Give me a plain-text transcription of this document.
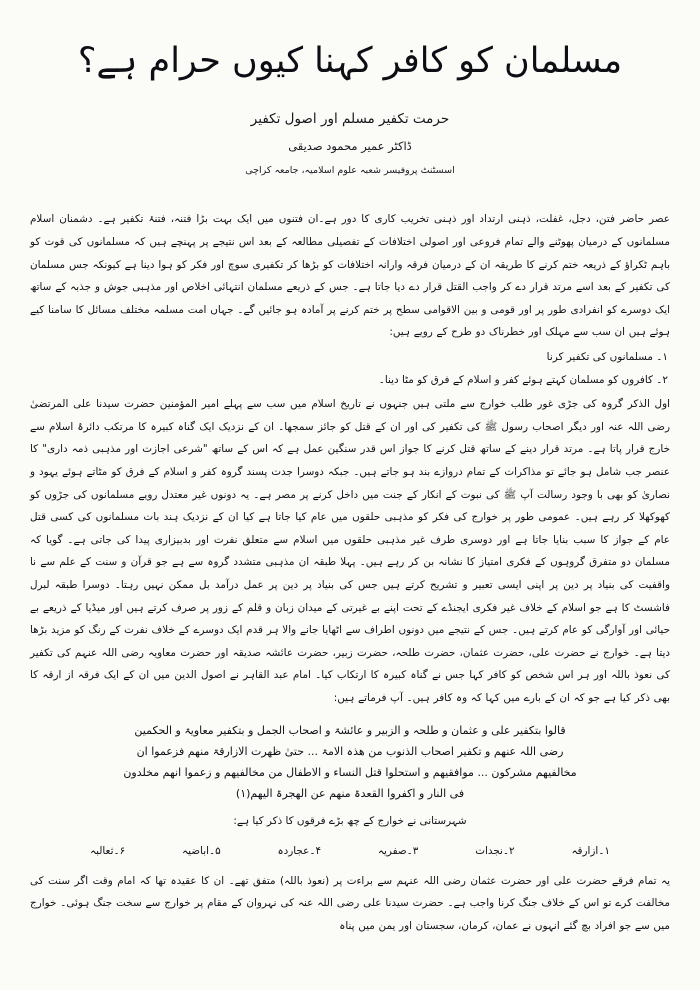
مسلمان کو کافر کہنا کیوں حرام ہے؟
حرمت تکفیر مسلم اور اصول تکفیر
ڈاکٹر عمیر محمود صدیقی
اسسٹنٹ پروفیسر شعبہ علوم اسلامیہ، جامعہ کراچی

عصر حاضر فتن، دجل، غفلت، ذہنی ارتداد اور ذہنی تخریب کاری کا دور ہے۔ان فتنوں میں ایک بہت بڑا فتنہ، فتنۂ تکفیر ہے۔ دشمنان اسلام مسلمانوں کے درمیان پھوٹنے والے تمام فروعی اور اصولی اختلافات کے تفصیلی مطالعہ کے بعد اس نتیجے پر پہنچے ہیں کہ مسلمانوں کی قوت کو باہم ٹکراؤ کے ذریعہ ختم کرنے کا طریقہ ان کے درمیان فرقہ وارانہ اختلافات کو بڑھا کر تکفیری سوچ اور فکر کو ہوا دینا ہے کیونکہ جس مسلمان کی تکفیر کے بعد اسے مرتد قرار دے کر واجب القتل قرار دے دیا جاتا ہے۔ جس کے ذریعے مسلمان انتہائی اخلاص اور مذہبی جوش و جذبہ کے ساتھ ایک دوسرے کو انفرادی طور پر اور قومی و بین الاقوامی سطح پر ختم کرنے پر آمادہ ہو جائیں گے۔ جہاں امت مسلمہ مختلف مسائل کا سامنا کیے ہوئے ہیں ان سب سے مہلک اور خطرناک دو طرح کے رویے ہیں:

۱۔ مسلمانوں کی تکفیر کرنا
۲۔ کافروں کو مسلمان کہتے ہوئے کفر و اسلام کے فرق کو مٹا دینا۔

اول الذکر گروہ کی جڑی غور طلب خوارج سے ملتی ہیں جنہوں نے تاریخ اسلام میں سب سے پہلے امیر المؤمنین حضرت سیدنا علی المرتضیٰ رضی اللہ عنہ اور دیگر اصحاب رسول ﷺ کی تکفیر کی اور ان کے قتل کو جائز سمجھا۔ ان کے نزدیک ایک گناہ کبیرہ کا مرتکب دائرۂ اسلام سے خارج قرار پاتا ہے۔ مرتد قرار دینے کے ساتھ قتل کرنے کا جواز اس قدر سنگین عمل ہے کہ اس کے ساتھ "شرعی اجازت اور مذہبی ذمہ داری" کا عنصر جب شامل ہو جائے تو مذاکرات کے تمام دروازے بند ہو جاتے ہیں۔ جبکہ دوسرا جدت پسند گروہ کفر و اسلام کے فرق کو مٹاتے ہوئے یہود و نصاریٰ کو بھی با وجود رسالت آپ ﷺ کی نبوت کے انکار کے جنت میں داخل کرنے پر مصر ہے۔ یہ دونوں غیر معتدل رویے مسلمانوں کی جڑوں کو کھوکھلا کر رہے ہیں۔ عمومی طور پر خوارج کی فکر کو مذہبی حلقوں میں عام کیا جاتا ہے کیا ان کے نزدیک ہند بات مسلمانوں کی کسی قتل عام کے جواز کا سبب بنایا جاتا ہے اور دوسری طرف غیر مذہبی حلقوں میں اسلام سے متعلق نفرت اور بدبیزاری پیدا کی جاتی ہے۔ گویا کہ مسلمان دو متفرق گروہوں کے فکری امتیاز کا نشانہ بن کر رہے ہیں۔ پہلا طبقہ ان مذہبی متشدد گروہ سے ہے جو قرآن و سنت کے علم سے نا واقفیت کی بنیاد پر دین پر اپنی ایسی تعبیر و تشریح کرتے ہیں جس کی بنیاد پر دین پر عمل درآمد بل ممکن نہیں رہتا۔ دوسرا طبقہ لبرل فاشسٹ کا ہے جو اسلام کے خلاف غیر فکری ایجنڈے کے تحت اپنے بے غیرتی کے میدان زبان و قلم کے زور پر صرف کرتے ہیں اور میڈیا کے ذریعے بے حیائی اور آوارگی کو عام کرتے ہیں۔ جس کے نتیجے میں دونوں اطراف سے اٹھایا جانے والا ہر قدم ایک دوسرے کے خلاف نفرت کے رنگ کو مزید بڑھا دیتا ہے۔ خوارج نے حضرت علی، حضرت عثمان، حضرت طلحہ، حضرت زبیر، حضرت عائشہ صدیقہ اور حضرت معاویہ رضی اللہ عنہم کی تکفیر کی نعوذ باللہ اور ہر اس شخص کو کافر کہا جس نے گناہ کبیرہ کا ارتکاب کیا۔ امام عبد القاہر نے اصول الدین میں ان کے ایک فرقہ از ارقہ کا بھی ذکر کیا ہے جو کہ ان کے بارے میں کہا کہ وہ کافر ہیں۔ آپ فرماتے ہیں:

قالوا بتکفیر علی و عثمان و طلحہ و الزبیر و عائشۃ و اصحاب الجمل و بتکفیر معاویۃ و الحکمین
رضی اللہ عنھم و تکفیر اصحاب الذنوب من ھذہ الامۃ ... حتیٰ ظھرت الازارقۃ منھم فزعموا ان
مخالفیھم مشرکون ... موافقیھم و استحلوا قتل النساء و الاطفال من مخالفیھم و زعموا انھم مخلدون
فی النار و اکفروا القعدۃ منھم عن الھجرۃ الیھم(۱)
شہرستانی نے خوارج کے چھ بڑے فرقوں کا ذکر کیا ہے:
۱۔ازارقہ
۲۔نجدات
۳۔صفریہ
۴۔عجاردہ
۵۔اباضیہ
۶۔ثعالبہ

یہ تمام فرقے حضرت علی اور حضرت عثمان رضی اللہ عنہم سے براءت پر (نعوذ باللہ) متفق تھے۔ ان کا عقیدہ تھا کہ امام وقت اگر سنت کی مخالفت کرے تو اس کے خلاف جنگ کرنا واجب ہے۔ حضرت سیدنا علی رضی اللہ عنہ کی نہروان کے مقام پر خوارج سے سخت جنگ ہوئی۔ خوارج میں سے جو افراد بچ گئے انہوں نے عمان، کرمان، سجستان اور یمن میں پناہ
